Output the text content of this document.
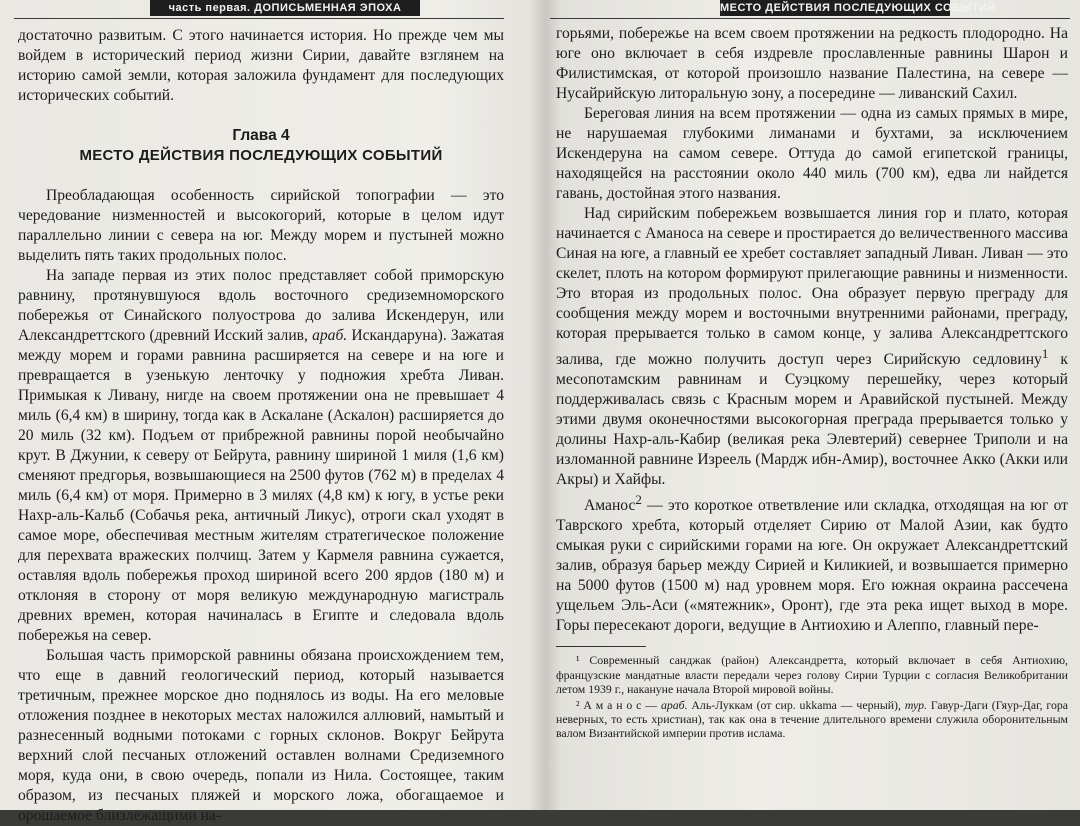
часть первая. ДОПИСЬМЕННАЯ ЭПОХА

достаточно развитым. С этого начинается история. Но прежде чем мы войдем в исторический период жизни Сирии, давайте взглянем на историю самой земли, которая заложила фундамент для последующих исторических событий.

Глава 4

МЕСТО ДЕЙСТВИЯ ПОСЛЕДУЮЩИХ СОБЫТИЙ

Преобладающая особенность сирийской топографии — это чередование низменностей и высокогорий, которые в целом идут параллельно линии с севера на юг. Между морем и пустыней можно выделить пять таких продольных полос.

На западе первая из этих полос представляет собой приморскую равнину, протянувшуюся вдоль восточного средиземноморского побережья от Синайского полуострова до залива Искендерун, или Александреттского (древний Исский залив, араб. Искандаруна). Зажатая между морем и горами равнина расширяется на севере и на юге и превращается в узенькую ленточку у подножия хребта Ливан. Примыкая к Ливану, нигде на своем протяжении она не превышает 4 миль (6,4 км) в ширину, тогда как в Аскалане (Аскалон) расширяется до 20 миль (32 км). Подъем от прибрежной равнины порой необычайно крут. В Джунии, к северу от Бейрута, равнину шириной 1 миля (1,6 км) сменяют предгорья, возвышающиеся на 2500 футов (762 м) в пределах 4 миль (6,4 км) от моря. Примерно в 3 милях (4,8 км) к югу, в устье реки Нахр-аль-Кальб (Собачья река, античный Ликус), отроги скал уходят в самое море, обеспечивая местным жителям стратегическое положение для перехвата вражеских полчищ. Затем у Кармеля равнина сужается, оставляя вдоль побережья проход шириной всего 200 ярдов (180 м) и отклоняя в сторону от моря великую международную магистраль древних времен, которая начиналась в Египте и следовала вдоль побережья на север.

Большая часть приморской равнины обязана происхождением тем, что еще в давний геологический период, который называется третичным, прежнее морское дно поднялось из воды. На его меловые отложения позднее в некоторых местах наложился аллювий, намытый и разнесенный водными потоками с горных склонов. Вокруг Бейрута верхний слой песчаных отложений оставлен волнами Средиземного моря, куда они, в свою очередь, попали из Нила. Состоящее, таким образом, из песчаных пляжей и морского ложа, обогащаемое и орошаемое близлежащими на-

МЕСТО ДЕЙСТВИЯ ПОСЛЕДУЮЩИХ СОБЫТИЙ

горьями, побережье на всем своем протяжении на редкость плодородно. На юге оно включает в себя издревле прославленные равнины Шарон и Филистимская, от которой произошло название Палестина, на севере — Нусайрийскую литоральную зону, а посередине — ливанский Сахил.

Береговая линия на всем протяжении — одна из самых прямых в мире, не нарушаемая глубокими лиманами и бухтами, за исключением Искендеруна на самом севере. Оттуда до самой египетской границы, находящейся на расстоянии около 440 миль (700 км), едва ли найдется гавань, достойная этого названия.

Над сирийским побережьем возвышается линия гор и плато, которая начинается с Аманоса на севере и простирается до величественного массива Синая на юге, а главный ее хребет составляет западный Ливан. Ливан — это скелет, плоть на котором формируют прилегающие равнины и низменности. Это вторая из продольных полос. Она образует первую преграду для сообщения между морем и восточными внутренними районами, преграду, которая прерывается только в самом конце, у залива Александреттского залива, где можно получить доступ через Сирийскую седловину$^1$ к месопотамским равнинам и Суэцкому перешейку, через который поддерживалась связь с Красным морем и Аравийской пустыней. Между этими двумя оконечностями высокогорная преграда прерывается только у долины Нахр-аль-Кабир (великая река Элевтерий) севернее Триполи и на изломанной равнине Изреель (Мардж ибн-Амир), восточнее Акко (Акки или Акры) и Хайфы.

Аманос$^2$ — это короткое ответвление или складка, отходящая на юг от Таврского хребта, который отделяет Сирию от Малой Азии, как будто смыкая руки с сирийскими горами на юге. Он окружает Александреттский залив, образуя барьер между Сирией и Киликией, и возвышается примерно на 5000 футов (1500 м) над уровнем моря. Его южная окраина рассечена ущельем Эль-Аси («мятежник», Оронт), где эта река ищет выход в море. Горы пересекают дороги, ведущие в Антиохию и Алеппо, главный пере-

¹ Современный санджак (район) Александретта, который включает в себя Антиохию, французские мандатные власти передали через голову Сирии Турции с согласия Великобритании летом 1939 г., накануне начала Второй мировой войны.

² А м а н о с — араб. Аль-Луккам (от сир. ukkama — черный), тур. Гавур-Даги (Гяур-Даг, гора неверных, то есть христиан), так как она в течение длительного времени служила оборонительным валом Византийской империи против ислама.
